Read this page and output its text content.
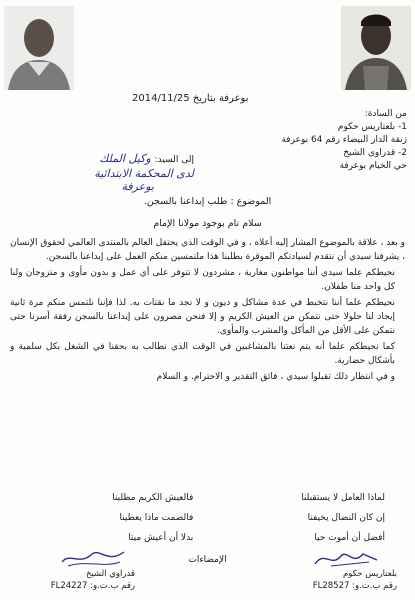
بوعرفة بتاريخ 2014/11/25
من السادة:
1- بلعتاريس حكوم
زنقة الدار البيضاء رقم 64 بوعرفة
2- قدراوي الشيخ
حي الخيام بوعرفة
إلى السيد:
وكيل الملك
لدى المحكمة الابتدائية
بوعرفة
الموضوع : طلب إيداعنا بالسجن.
سلام تام بوجود مولانا الإمام

و بعد ، علاقة بالموضوع المشار إليه أعلاه ، و في الوقت الذي يحتفل العالم بالمنتدى العالمي لحقوق الإنسان ، يشرفنا سيدي أن نتقدم لسيادتكم الموقرة بطلبنا هذا ملتمسين منكم العمل على إيداعنا بالسجن.

نحيطكم علما سيدي أننا مواطنون مغاربة ، مشردون لا نتوفر على أي عمل و بدون مأوى و متزوجان ولنا كل واحد منا طفلان.

نحيطكم علما أننا نتخبط في عدة مشاكل و ديون و لا نجد ما نقتات به. لذا فإننا نلتمس منكم مرة ثانية إيجاد لنا حلولا حتى نتمكن من العيش الكريم و إلا فنحن مصرون على إيداعنا بالسجن رفقة أسرنا حتى نتمكن على الأقل من المأكل والمشرب والمأوى.

كما نحيطكم علما أنه يتم نعتنا بالمشاغبين في الوقت الذي نطالب به بحقنا في الشغل بكل سلمية و بأشكال حضارية.

و في انتظار ذلك تقبلوا سيدي ، فائق التقدير و الاحترام. و السلام

لماذا العامل لا يستقبلنا
فالعيش الكريم مطلبنا
إن كان النضال يخيفنا
فالصمت ماذا يعطينا
أفضل أن أموت حيا
بدلا أن أعيش ميتا
الإمضاءات
بلعتاريس حكوم
رقم ب.ت.و: FL28527
قدراوي الشيخ
رقم ب.ت.و: FL24227
